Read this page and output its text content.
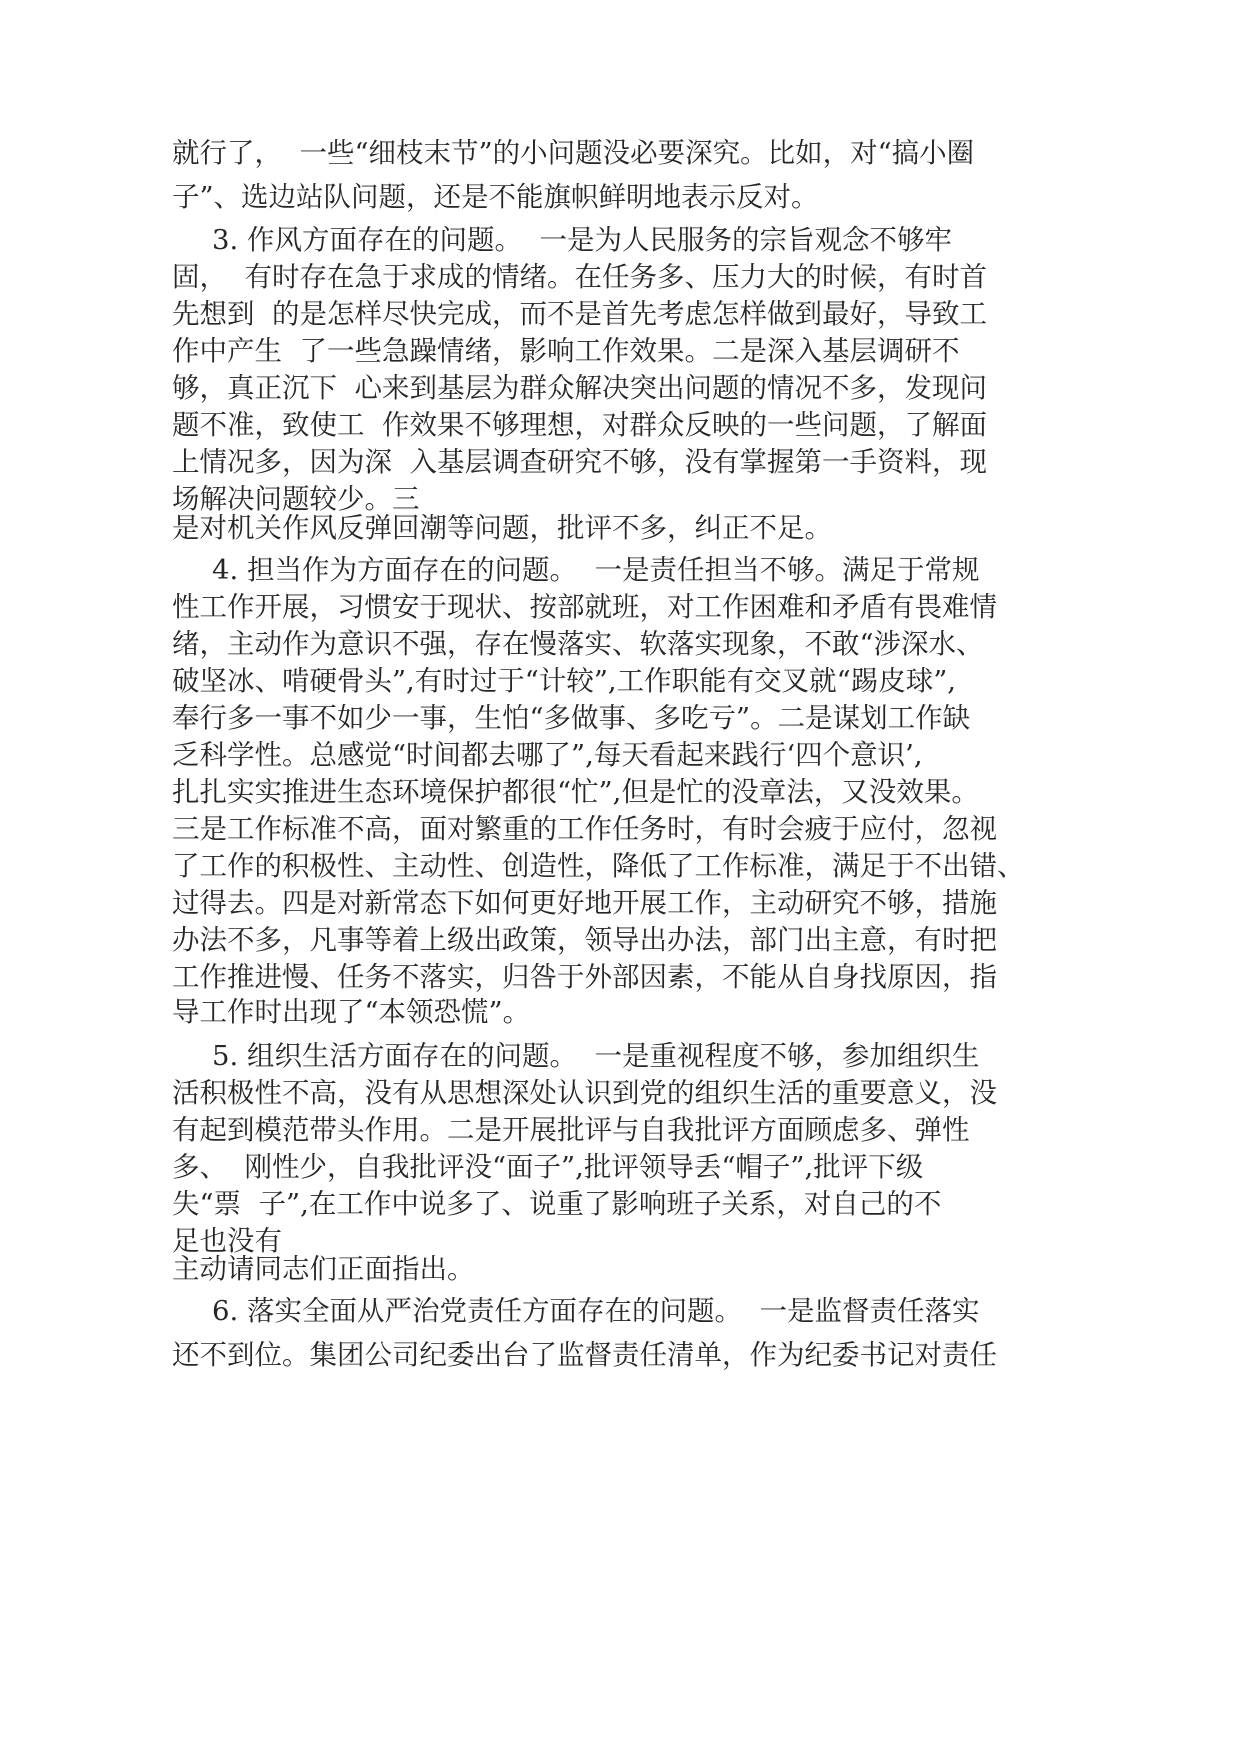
就行了，  一些“细枝末节”的小问题没必要深究。比如，对“搞小圈
子”、选边站队问题，还是不能旗帜鲜明地表示反对。
3. 作风方面存在的问题。  一是为人民服务的宗旨观念不够牢
固，  有时存在急于求成的情绪。在任务多、压力大的时候，有时首
先想到  的是怎样尽快完成，而不是首先考虑怎样做到最好，导致工
作中产生  了一些急躁情绪，影响工作效果。二是深入基层调研不
够，真正沉下  心来到基层为群众解决突出问题的情况不多，发现问
题不准，致使工  作效果不够理想，对群众反映的一些问题，了解面
上情况多，因为深  入基层调查研究不够，没有掌握第一手资料，现
场解决问题较少。三
是对机关作风反弹回潮等问题，批评不多，纠正不足。
4. 担当作为方面存在的问题。  一是责任担当不够。满足于常规
性工作开展，习惯安于现状、按部就班，对工作困难和矛盾有畏难情
绪，主动作为意识不强，存在慢落实、软落实现象，不敢“涉深水、
破坚冰、啃硬骨头”,有时过于“计较”,工作职能有交叉就“踢皮球”,
奉行多一事不如少一事，生怕“多做事、多吃亏”。二是谋划工作缺
乏科学性。总感觉“时间都去哪了”,每天看起来践行‘四个意识’,
扎扎实实推进生态环境保护都很“忙”,但是忙的没章法，又没效果。
三是工作标准不高，面对繁重的工作任务时，有时会疲于应付，忽视
了工作的积极性、主动性、创造性，降低了工作标准，满足于不出错、
过得去。四是对新常态下如何更好地开展工作，主动研究不够，措施
办法不多，凡事等着上级出政策，领导出办法，部门出主意，有时把
工作推进慢、任务不落实，归咎于外部因素，不能从自身找原因，指
导工作时出现了“本领恐慌”。
5. 组织生活方面存在的问题。  一是重视程度不够，参加组织生
活积极性不高，没有从思想深处认识到党的组织生活的重要意义，没
有起到模范带头作用。二是开展批评与自我批评方面顾虑多、弹性
多、  刚性少，自我批评没“面子”,批评领导丢“帽子”,批评下级
失“票  子”,在工作中说多了、说重了影响班子关系，对自己的不
足也没有
主动请同志们正面指出。
6. 落实全面从严治党责任方面存在的问题。  一是监督责任落实
还不到位。集团公司纪委出台了监督责任清单，作为纪委书记对责任
